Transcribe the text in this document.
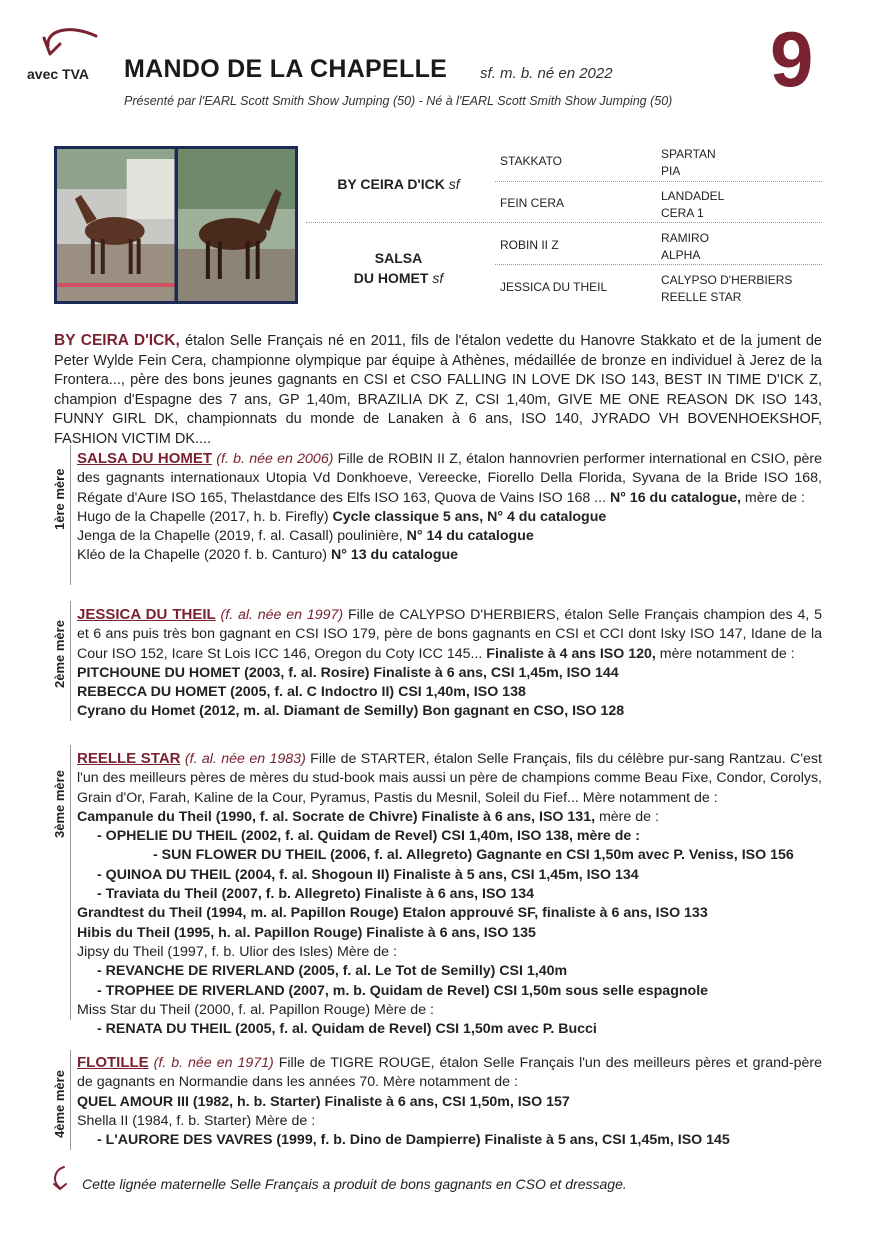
avec TVA MANDO DE LA CHAPELLE sf. m. b. né en 2022
Présenté par l'EARL Scott Smith Show Jumping (50) - Né à l'EARL Scott Smith Show Jumping (50) 9
BY CEIRA D'ICK sf
SALSA
DU HOMET sf
STAKKATO
FEIN CERA
ROBIN II Z
JESSICA DU THEIL
SPARTAN
PIA
LANDADEL
CERA 1
RAMIRO
ALPHA
CALYPSO D'HERBIERS
REELLE STAR

BY CEIRA D'ICK, étalon Selle Français né en 2011, fils de l'étalon vedette du Hanovre Stakkato et de la jument de Peter Wylde Fein Cera, championne olympique par équipe à Athènes, médaillée de bronze en individuel à Jerez de la Frontera..., père des bons jeunes gagnants en CSI et CSO FALLING IN LOVE DK ISO 143, BEST IN TIME D'ICK Z, champion d'Espagne des 7 ans, GP 1,40m, BRAZILIA DK Z, CSI 1,40m, GIVE ME ONE REASON DK ISO 143, FUNNY GIRL DK, championnats du monde de Lanaken à 6 ans, ISO 140, JYRADO VH BOVENHOEKSHOF, FASHION VICTIM DK....

1ère mère
SALSA DU HOMET (f. b. née en 2006) Fille de ROBIN II Z, étalon hannovrien performer international en CSIO, père des gagnants internationaux Utopia Vd Donkhoeve, Vereecke, Fiorello Della Florida, Syvana de la Bride ISO 168, Régate d'Aure ISO 165, Thelastdance des Elfs ISO 163, Quova de Vains ISO 168 ... N° 16 du catalogue, mère de :
Hugo de la Chapelle (2017, h. b. Firefly) Cycle classique 5 ans, N° 4 du catalogue
Jenga de la Chapelle (2019, f. al. Casall) poulinière, N° 14 du catalogue
Kléo de la Chapelle (2020 f. b. Canturo) N° 13 du catalogue
2ème mère
JESSICA DU THEIL (f. al. née en 1997) Fille de CALYPSO D'HERBIERS, étalon Selle Français champion des 4, 5 et 6 ans puis très bon gagnant en CSI ISO 179, père de bons gagnants en CSI et CCI dont Isky ISO 147, Idane de la Cour ISO 152, Icare St Lois ICC 146, Oregon du Coty ICC 145... Finaliste à 4 ans ISO 120, mère notamment de :
PITCHOUNE DU HOMET (2003, f. al. Rosire) Finaliste à 6 ans, CSI 1,45m, ISO 144
REBECCA DU HOMET (2005, f. al. C Indoctro II) CSI 1,40m, ISO 138
Cyrano du Homet (2012, m. al. Diamant de Semilly) Bon gagnant en CSO, ISO 128
3ème mère
REELLE STAR (f. al. née en 1983) Fille de STARTER, étalon Selle Français, fils du célèbre pur-sang Rantzau. C'est l'un des meilleurs pères de mères du stud-book mais aussi un père de champions comme Beau Fixe, Condor, Corolys, Grain d'Or, Farah, Kaline de la Cour, Pyramus, Pastis du Mesnil, Soleil du Fief... Mère notamment de :
Campanule du Theil (1990, f. al. Socrate de Chivre) Finaliste à 6 ans, ISO 131, mère de :
- OPHELIE DU THEIL (2002, f. al. Quidam de Revel) CSI 1,40m, ISO 138, mère de :
- SUN FLOWER DU THEIL (2006, f. al. Allegreto) Gagnante en CSI 1,50m avec P. Veniss, ISO 156
- QUINOA DU THEIL (2004, f. al. Shogoun II) Finaliste à 5 ans, CSI 1,45m, ISO 134
- Traviata du Theil (2007, f. b. Allegreto) Finaliste à 6 ans, ISO 134
Grandtest du Theil (1994, m. al. Papillon Rouge) Etalon approuvé SF, finaliste à 6 ans, ISO 133
Hibis du Theil (1995, h. al. Papillon Rouge) Finaliste à 6 ans, ISO 135
Jipsy du Theil (1997, f. b. Ulior des Isles) Mère de :
- REVANCHE DE RIVERLAND (2005, f. al. Le Tot de Semilly) CSI 1,40m
- TROPHEE DE RIVERLAND (2007, m. b. Quidam de Revel) CSI 1,50m sous selle espagnole
Miss Star du Theil (2000, f. al. Papillon Rouge) Mère de :
- RENATA DU THEIL (2005, f. al. Quidam de Revel) CSI 1,50m avec P. Bucci
4ème mère
FLOTILLE (f. b. née en 1971) Fille de TIGRE ROUGE, étalon Selle Français l'un des meilleurs pères et grand-père de gagnants en Normandie dans les années 70. Mère notamment de :
QUEL AMOUR III (1982, h. b. Starter) Finaliste à 6 ans, CSI 1,50m, ISO 157
Shella II (1984, f. b. Starter) Mère de :
- L'AURORE DES VAVRES (1999, f. b. Dino de Dampierre) Finaliste à 5 ans, CSI 1,45m, ISO 145
Cette lignée maternelle Selle Français a produit de bons gagnants en CSO et dressage.
